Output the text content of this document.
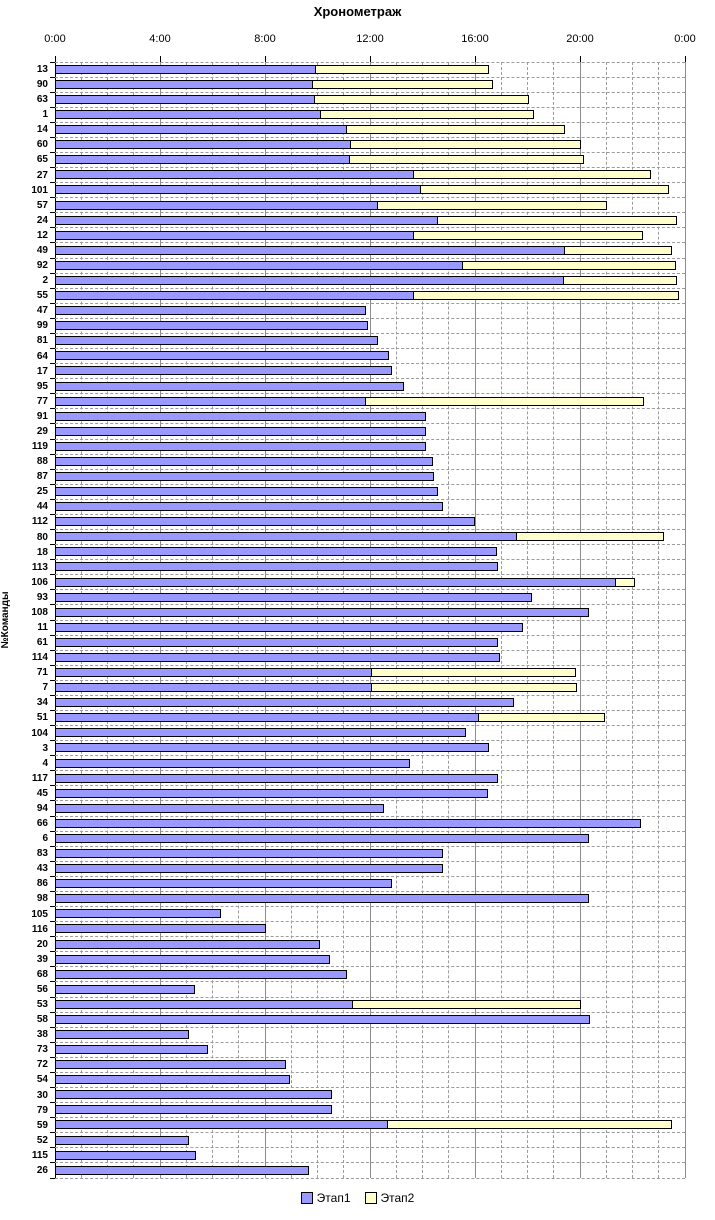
Хронометраж
0:00	4:00	8:00	12:00	16:00	20:00	0:00
№Команды
13
90
63
1
14
60
65
27
101
57
24
12
49
92
2
55
47
99
81
64
17
95
77
91
29
119
88
87
25
44
112
80
18
113
106
93
108
11
61
114
71
7
34
51
104
3
4
117
45
94
66
6
83
43
86
98
105
116
20
39
68
56
53
58
38
73
72
54
30
79
59
52
115
26
Этап1	Этап2
